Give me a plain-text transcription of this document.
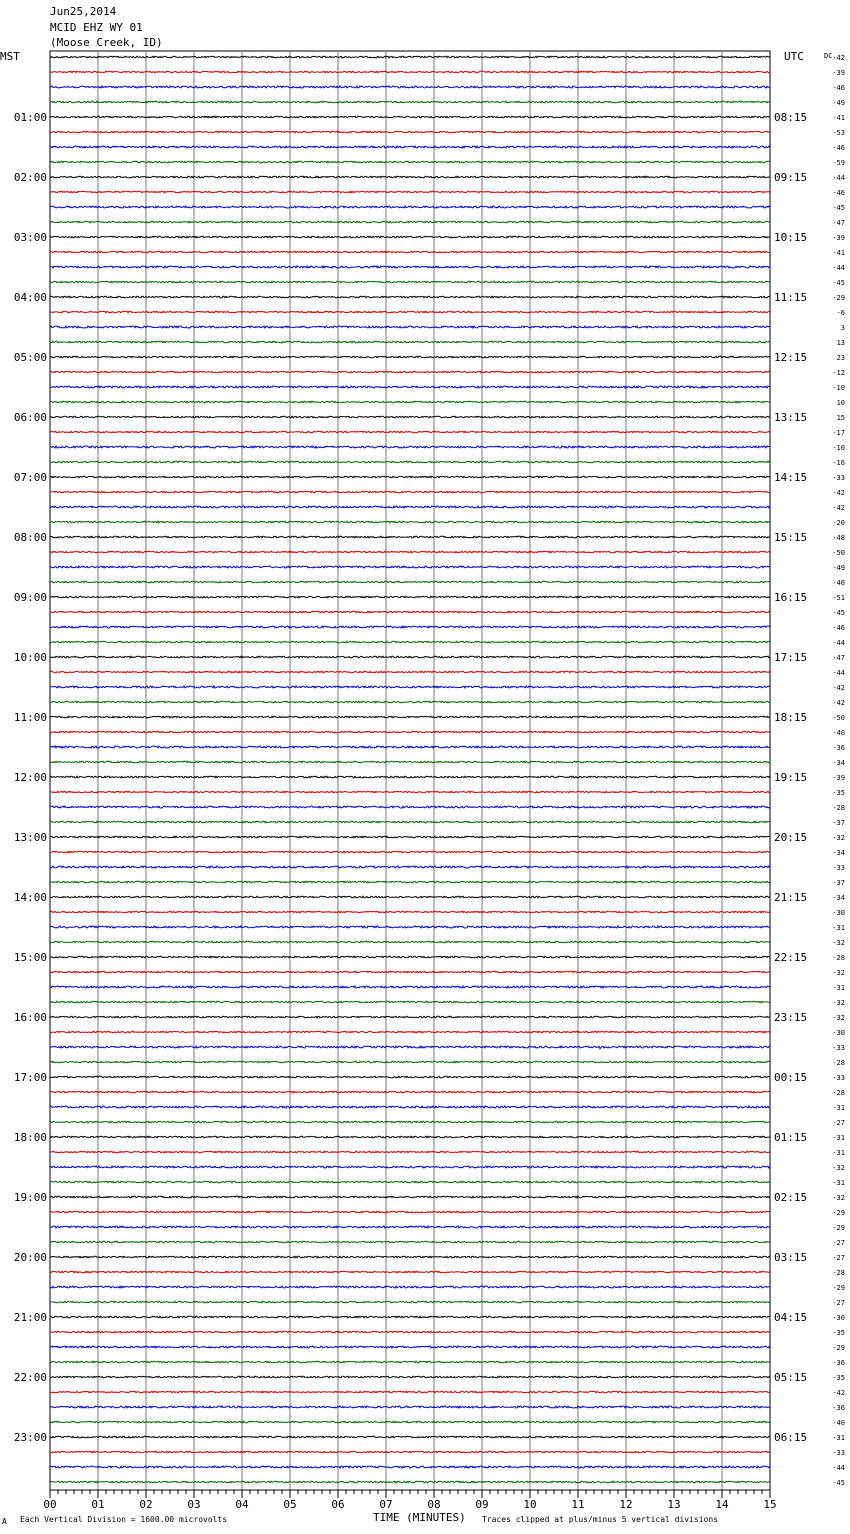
Jun25,2014
MCID EHZ WY 01
(Moose Creek, ID)
MST	UTC	DC -42
-39
-46
-49
-41
-53
-46
-59
-44
-46
-45
-47
-39
-41
-44
-45
-29
-6
3
13
23
-12
-10
10
15
-17
-10
-16
-33
-42
-42
-20
-48
-50
-49
-46
-51
-45
-46
-44
-47
-44
-42
-42
-50
-40
-36
-34
-39
-35
-28
-37
-32
-34
-33
-37
-34
-30
-31
-32
-28
-32
-31
-32
-32
-30
-33
-28
-33
-28
-31
-27
-31
-31
-32
-31
-32
-29
-29
-27
-27
-28
-29
-27
-30
-35
-29
-36
-35
-42
-36
-40
-31
-33
-44
-45
01:00
02:00
03:00
04:00
05:00
06:00
07:00
08:00
09:00
10:00
11:00
12:00
13:00
14:00
15:00
16:00
17:00
18:00
19:00
20:00
21:00
22:00
23:00
08:15
09:15
10:15
11:15
12:15
13:15
14:15
15:15
16:15
17:15
18:15
19:15
20:15
21:15
22:15
23:15
00:15
01:15
02:15
03:15
04:15
05:15
06:15
00	01	02	03	04	05	06	07	08	09	10	11	12	13	14	15
A Each Vertical Division = 1600.00 microvolts	TIME (MINUTES) Traces clipped at plus/minus 5 vertical divisions
